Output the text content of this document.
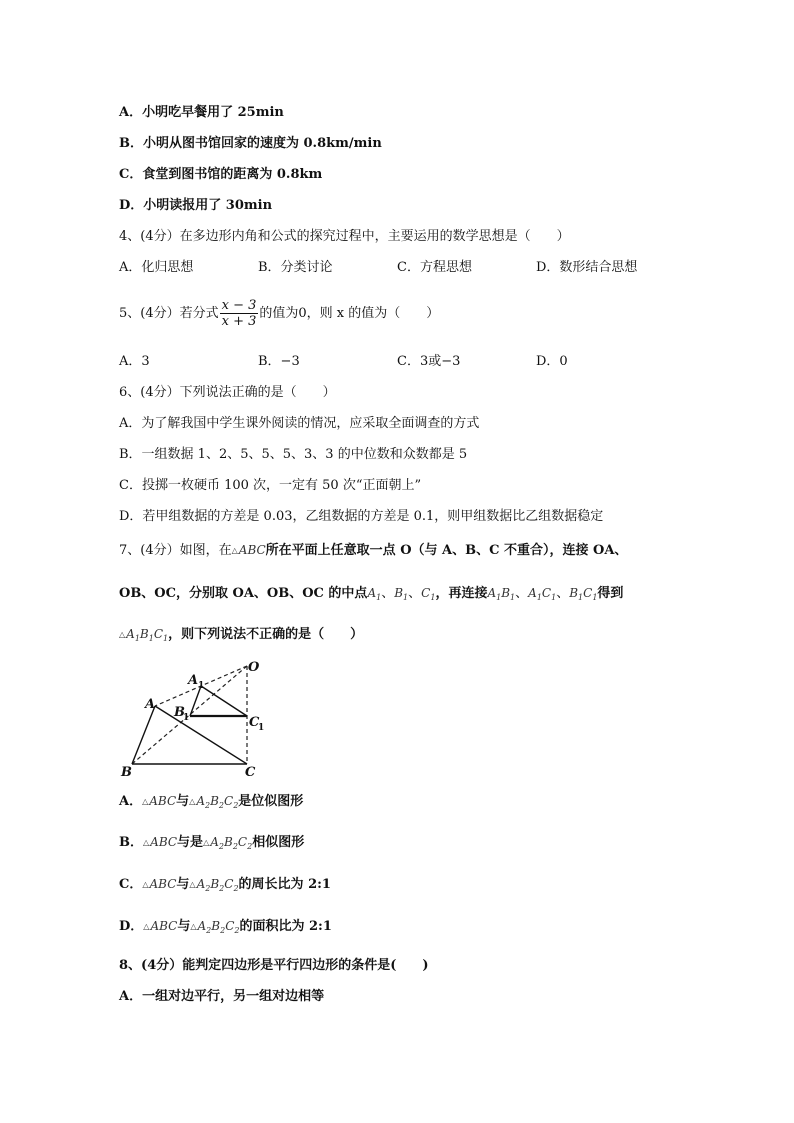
A．小明吃早餐用了 25min
B．小明从图书馆回家的速度为 0.8km/min
C．食堂到图书馆的距离为 0.8km
D．小明读报用了 30min
4、(4分）在多边形内角和公式的探究过程中，主要运用的数学思想是（　　）
A．化归思想	B．分类讨论	C．方程思想	D．数形结合思想
5、(4分）若分式 $\frac{x - 3}{x + 3}$ 的值为0，则 x 的值为（　　）
A．3	B．−3	C．3或−3	D．0
6、(4分）下列说法正确的是（　　）
A．为了解我国中学生课外阅读的情况，应采取全面调查的方式
B．一组数据 1、2、5、5、5、3、3 的中位数和众数都是 5
C．投掷一枚硬币 100 次，一定有 50 次“正面朝上”
D．若甲组数据的方差是 0.03，乙组数据的方差是 0.1，则甲组数据比乙组数据稳定
7、(4分）如图，在△ABC所在平面上任意取一点 O（与 A、B、C 不重合），连接 OA、
OB、OC，分别取 OA、OB、OC 的中点$A_1$、$B_1$、$C_1$，再连接$A_1B_1$、$A_1C_1$、$B_1C_1$得到
$\triangle A_1B_1C_1$，则下列说法不正确的是（　　）
O
A
B	C
A 1
B
1	C
1
A．△ABC与$\triangle A_2B_2C_2$是位似图形
B．△ABC与是$\triangle A_2B_2C_2$相似图形
C．△ABC与$\triangle A_2B_2C_2$的周长比为 2:1
D．△ABC与$\triangle A_2B_2C_2$的面积比为 2:1
8、(4分）能判定四边形是平行四边形的条件是(　　)
A．一组对边平行，另一组对边相等
